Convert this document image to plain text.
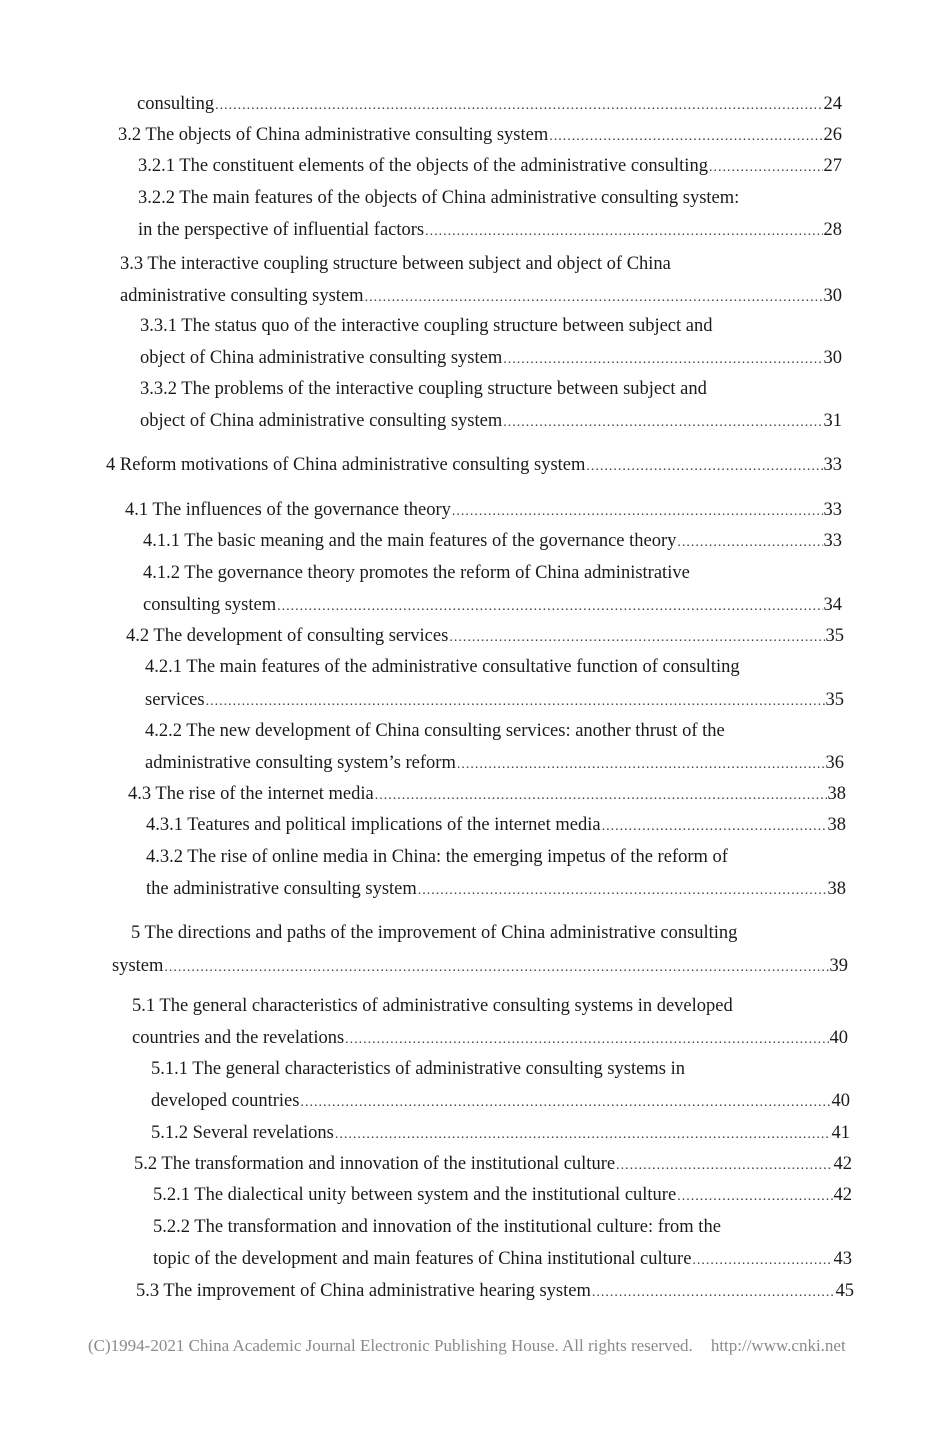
consulting .....	24
3.2 The objects of China administrative consulting system .....	26
3.2.1 The constituent elements of the objects of the administrative consulting .....	27
3.2.2 The main features of the objects of China administrative consulting system:
in the perspective of influential factors .....	28
3.3 The interactive coupling structure between subject and object of China
administrative consulting system .....	30
3.3.1 The status quo of the interactive coupling structure between subject and
object of China administrative consulting system .....	30
3.3.2 The problems of the interactive coupling structure between subject and
object of China administrative consulting system .....	31
4 Reform motivations of China administrative consulting system .....	33
4.1 The influences of the governance theory .....	33
4.1.1 The basic meaning and the main features of the governance theory .....	33
4.1.2 The governance theory promotes the reform of China administrative
consulting system .....	34
4.2 The development of consulting services .....	35
4.2.1 The main features of the administrative consultative function of consulting
services .....	35
4.2.2 The new development of China consulting services: another thrust of the
administrative consulting system’s reform .....	36
4.3 The rise of the internet media .....	38
4.3.1 Teatures and political implications of the internet media .....	38
4.3.2 The rise of online media in China: the emerging impetus of the reform of
the administrative consulting system .....	38
5 The directions and paths of the improvement of China administrative consulting
system .....	39
5.1 The general characteristics of administrative consulting systems in developed
countries and the revelations .....	40
5.1.1 The general characteristics of administrative consulting systems in
developed countries .....	40
5.1.2 Several revelations .....	41
5.2 The transformation and innovation of the institutional culture .....	42
5.2.1 The dialectical unity between system and the institutional culture .....	42
5.2.2 The transformation and innovation of the institutional culture: from the
topic of the development and main features of China institutional culture .....	43
5.3 The improvement of China administrative hearing system .....	45
(C)1994-2021 China Academic Journal Electronic Publishing House. All rights reserved. http://www.cnki.net
